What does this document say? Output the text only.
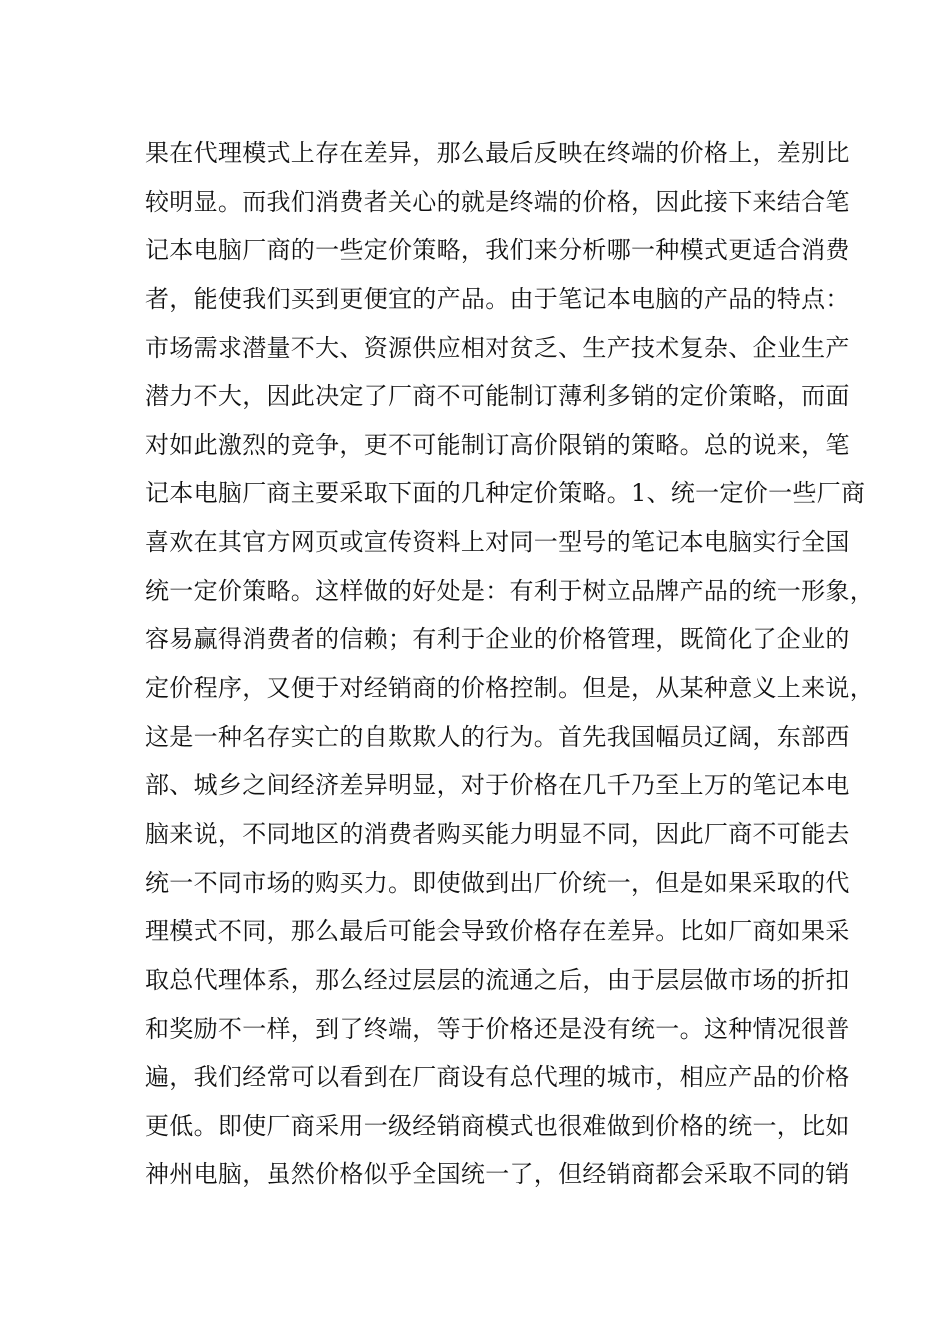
果在代理模式上存在差异，那么最后反映在终端的价格上，差别比
较明显。而我们消费者关心的就是终端的价格，因此接下来结合笔
记本电脑厂商的一些定价策略，我们来分析哪一种模式更适合消费
者，能使我们买到更便宜的产品。由于笔记本电脑的产品的特点：
市场需求潜量不大、资源供应相对贫乏、生产技术复杂、企业生产
潜力不大，因此决定了厂商不可能制订薄利多销的定价策略，而面
对如此激烈的竞争，更不可能制订高价限销的策略。总的说来，笔
记本电脑厂商主要采取下面的几种定价策略。1、统一定价一些厂商
喜欢在其官方网页或宣传资料上对同一型号的笔记本电脑实行全国
统一定价策略。这样做的好处是：有利于树立品牌产品的统一形象，
容易赢得消费者的信赖；有利于企业的价格管理，既简化了企业的
定价程序，又便于对经销商的价格控制。但是，从某种意义上来说，
这是一种名存实亡的自欺欺人的行为。首先我国幅员辽阔，东部西
部、城乡之间经济差异明显，对于价格在几千乃至上万的笔记本电
脑来说，不同地区的消费者购买能力明显不同，因此厂商不可能去
统一不同市场的购买力。即使做到出厂价统一，但是如果采取的代
理模式不同，那么最后可能会导致价格存在差异。比如厂商如果采
取总代理体系，那么经过层层的流通之后，由于层层做市场的折扣
和奖励不一样，到了终端，等于价格还是没有统一。这种情况很普
遍，我们经常可以看到在厂商设有总代理的城市，相应产品的价格
更低。即使厂商采用一级经销商模式也很难做到价格的统一，比如
神州电脑，虽然价格似乎全国统一了，但经销商都会采取不同的销
